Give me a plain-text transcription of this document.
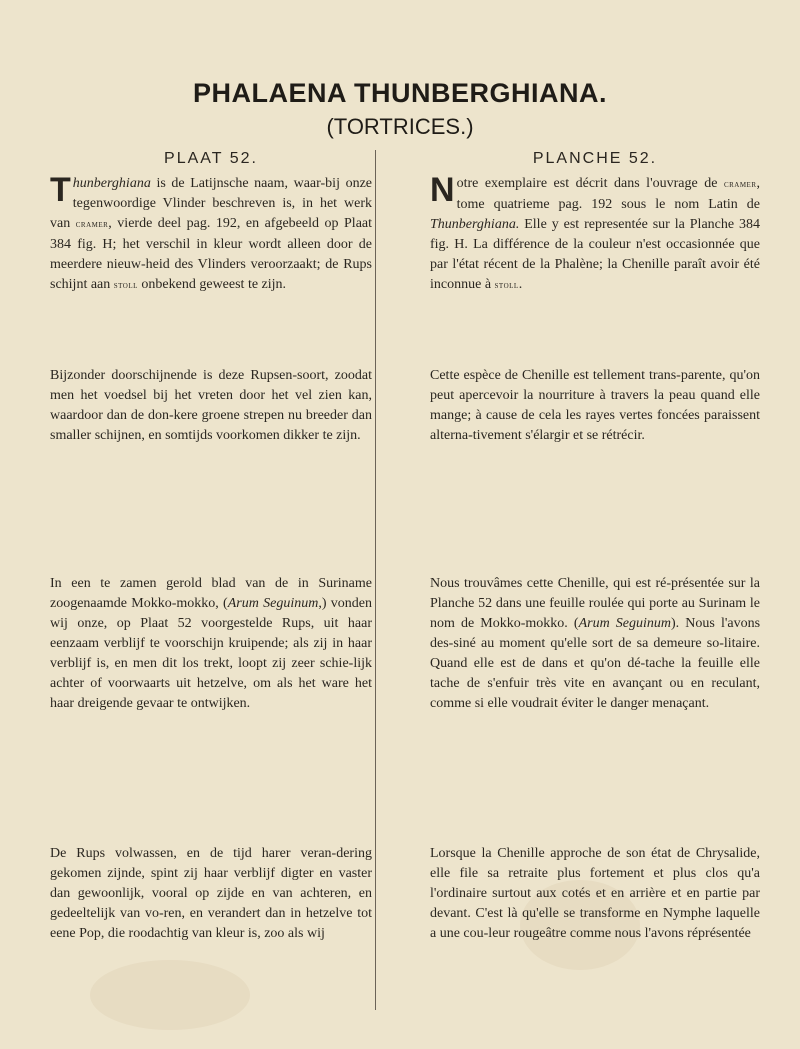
PHALAENA THUNBERGHIANA.
(TORTRICES.)
PLAAT 52.

Thunberghiana is de Latijnsche naam, waar-bij onze tegenwoordige Vlinder beschreven is, in het werk van cramer, vierde deel pag. 192, en afgebeeld op Plaat 384 fig. H; het verschil in kleur wordt alleen door de meerdere nieuw-heid des Vlinders veroorzaakt; de Rups schijnt aan stoll onbekend geweest te zijn.

Bijzonder doorschijnende is deze Rupsen-soort, zoodat men het voedsel bij het vreten door het vel zien kan, waardoor dan de don-kere groene strepen nu breeder dan smaller schijnen, en somtijds voorkomen dikker te zijn.

In een te zamen gerold blad van de in Suriname zoogenaamde Mokko-mokko, (Arum Seguinum,) vonden wij onze, op Plaat 52 voorgestelde Rups, uit haar eenzaam verblijf te voorschijn kruipende; als zij in haar verblijf is, en men dit los trekt, loopt zij zeer schie-lijk achter of voorwaarts uit hetzelve, om als het ware het haar dreigende gevaar te ontwijken.

De Rups volwassen, en de tijd harer veran-dering gekomen zijnde, spint zij haar verblijf digter en vaster dan gewoonlijk, vooral op zijde en van achteren, en gedeeltelijk van vo-ren, en verandert dan in hetzelve tot eene Pop, die roodachtig van kleur is, zoo als wij

PLANCHE 52.

Notre exemplaire est décrit dans l'ouvrage de cramer, tome quatrieme pag. 192 sous le nom Latin de Thunberghiana. Elle y est representée sur la Planche 384 fig. H. La différence de la couleur n'est occasionnée que par l'état récent de la Phalène; la Chenille paraît avoir été inconnue à stoll.

Cette espèce de Chenille est tellement trans-parente, qu'on peut apercevoir la nourriture à travers la peau quand elle mange; à cause de cela les rayes vertes foncées paraissent alterna-tivement s'élargir et se rétrécir.

Nous trouvâmes cette Chenille, qui est ré-présentée sur la Planche 52 dans une feuille roulée qui porte au Surinam le nom de Mokko-mokko. (Arum Seguinum). Nous l'avons des-siné au moment qu'elle sort de sa demeure so-litaire. Quand elle est de dans et qu'on dé-tache la feuille elle tache de s'enfuir très vite en avançant ou en reculant, comme si elle voudrait éviter le danger menaçant.

Lorsque la Chenille approche de son état de Chrysalide, elle file sa retraite plus fortement et plus clos qu'a l'ordinaire surtout aux cotés et en arrière et en partie par devant. C'est là qu'elle se transforme en Nymphe laquelle a une cou-leur rougeâtre comme nous l'avons réprésentée
